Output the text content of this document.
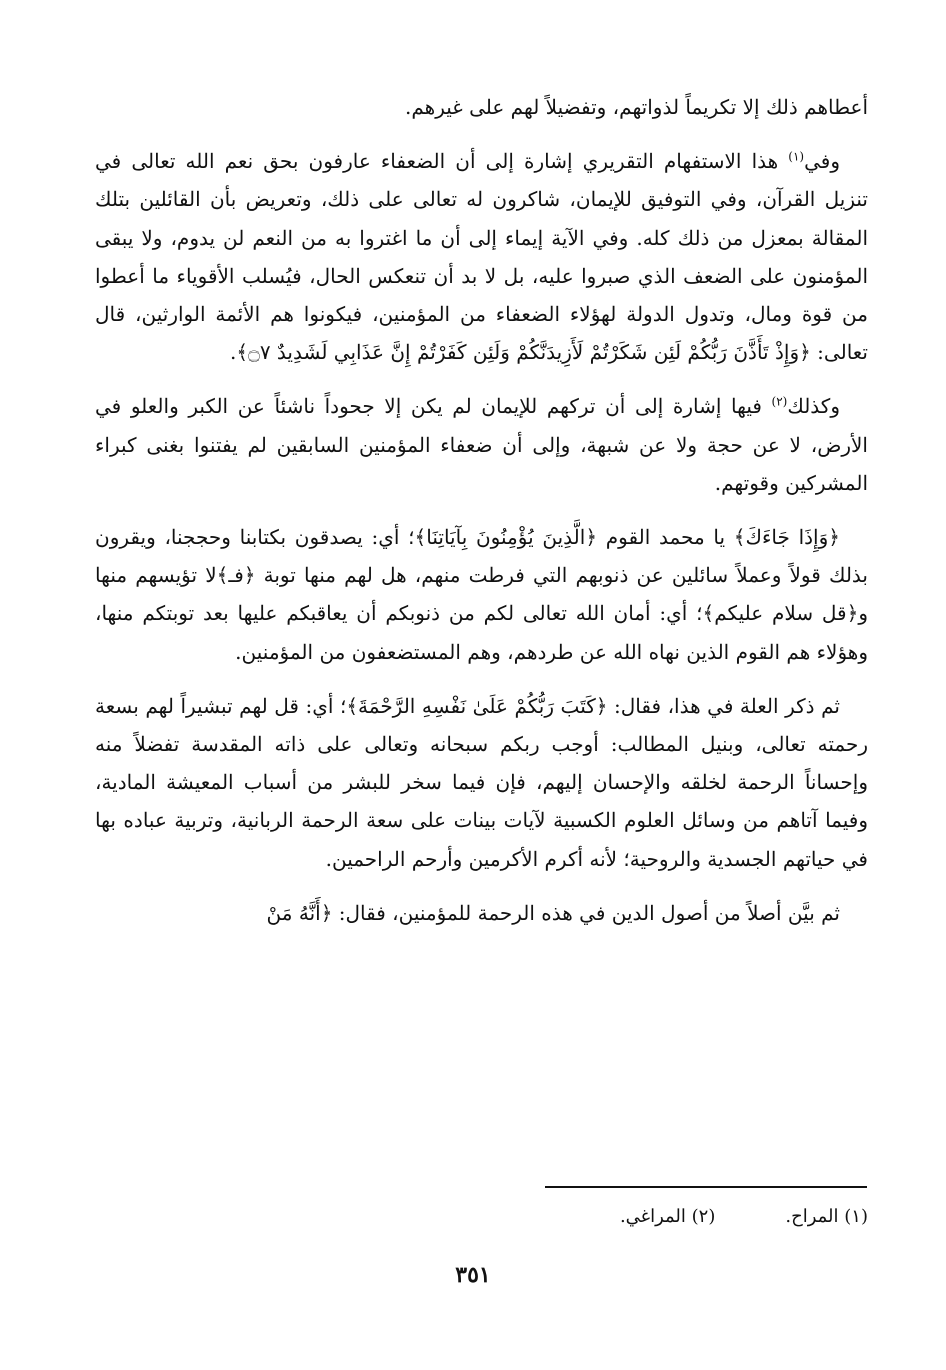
أعطاهم ذلك إلا تكريماً لذواتهم، وتفضيلاً لهم على غيرهم.

وفي$^{(١)}$ هذا الاستفهام التقريري إشارة إلى أن الضعفاء عارفون بحق نعم الله تعالى في تنزيل القرآن، وفي التوفيق للإيمان، شاكرون له تعالى على ذلك، وتعريض بأن القائلين بتلك المقالة بمعزل من ذلك كله. وفي الآية إيماء إلى أن ما اغتروا به من النعم لن يدوم، ولا يبقى المؤمنون على الضعف الذي صبروا عليه، بل لا بد أن تنعكس الحال، فيُسلب الأقوياء ما أعطوا من قوة ومال، وتدول الدولة لهؤلاء الضعفاء من المؤمنين، فيكونوا هم الأئمة الوارثين، قال تعالى: ﴿وَإِذْ تَأَذَّنَ رَبُّكُمْ لَئِن شَكَرْتُمْ لَأَزِيدَنَّكُمْ وَلَئِن كَفَرْتُمْ إِنَّ عَذَابِي لَشَدِيدٌ ۝٧﴾.

وكذلك$^{(٢)}$ فيها إشارة إلى أن تركهم للإيمان لم يكن إلا جحوداً ناشئاً عن الكبر والعلو في الأرض، لا عن حجة ولا عن شبهة، وإلى أن ضعفاء المؤمنين السابقين لم يفتنوا بغنى كبراء المشركين وقوتهم.

﴿وَإِذَا جَاءَكَ﴾ يا محمد القوم ﴿الَّذِينَ يُؤْمِنُونَ بِآيَاتِنَا﴾؛ أي: يصدقون بكتابنا وحججنا، ويقرون بذلك قولاً وعملاً سائلين عن ذنوبهم التي فرطت منهم، هل لهم منها توبة ﴿فـ﴾لا تؤيسهم منها و﴿قل سلام عليكم﴾؛ أي: أمان الله تعالى لكم من ذنوبكم أن يعاقبكم عليها بعد توبتكم منها، وهؤلاء هم القوم الذين نهاه الله عن طردهم، وهم المستضعفون من المؤمنين.

ثم ذكر العلة في هذا، فقال: ﴿كَتَبَ رَبُّكُمْ عَلَىٰ نَفْسِهِ الرَّحْمَةَ﴾؛ أي: قل لهم تبشيراً لهم بسعة رحمته تعالى، وبنيل المطالب: أوجب ربكم سبحانه وتعالى على ذاته المقدسة تفضلاً منه وإحساناً الرحمة لخلقه والإحسان إليهم، فإن فيما سخر للبشر من أسباب المعيشة المادية، وفيما آتاهم من وسائل العلوم الكسبية لآيات بينات على سعة الرحمة الربانية، وتربية عباده بها في حياتهم الجسدية والروحية؛ لأنه أكرم الأكرمين وأرحم الراحمين.

ثم بيَّن أصلاً من أصول الدين في هذه الرحمة للمؤمنين، فقال: ﴿أَنَّهُ مَنْ

(١) المراح.
(٢) المراغي.
٣٥١
